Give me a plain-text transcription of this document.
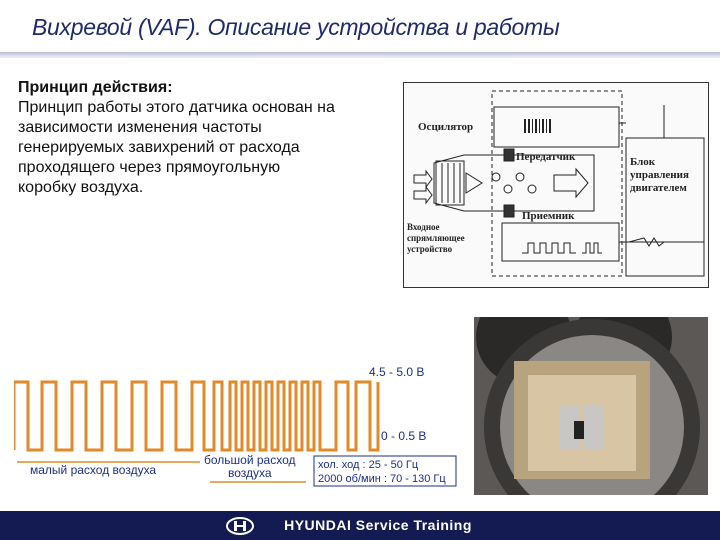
Вихревой (VAF). Описание устройства и работы
Принцип действия:
Принцип работы этого датчика основан на
зависимости изменения частоты
генерируемых завихрений от расхода
проходящего через прямоугольную
коробку воздуха.
Осцилятор
Передатчик
Приемник
Входное
спрямляющее
устройство
Блок
управления
двигателем
4.5 - 5.0 В
0 - 0.5 В
малый расход воздуха
большой расход
воздуха
хол. ход : 25 - 50 Гц
2000 об/мин : 70 - 130 Гц
HYUNDAI Service Training
